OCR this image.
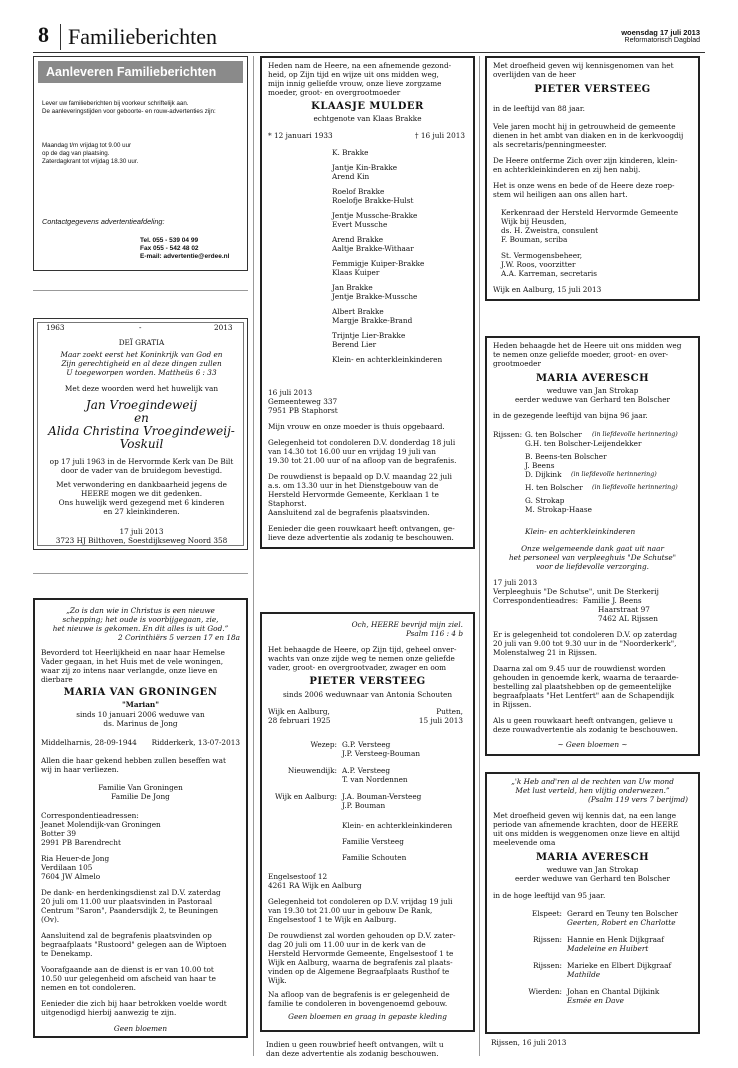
8 Familieberichten	woensdag 17 juli 2013
Reformatorisch Dagblad
Aanleveren Familieberichten
Lever uw familieberichten bij voorkeur schriftelijk aan.
De aanleveringstijden voor geboorte- en rouw-advertenties zijn:
Maandag t/m vrijdag tot 9.00 uur
op de dag van plaatsing.
Zaterdagkrant tot vrijdag 18.30 uur.
Contactgegevens advertentieafdeling:
Tel. 055 - 539 04 99
Fax 055 - 542 48 02
E-mail: advertentie@erdee.nl
1963	-	2013
DEÏ GRATIA
Maar zoekt eerst het Koninkrijk van God en
Zijn gerechtigheid en al deze dingen zullen
U toegeworpen worden. Mattheüs 6 : 33
Met deze woorden werd het huwelijk van
Jan Vroegindeweij
en
Alida Christina Vroegindeweij-
Voskuil
op 17 juli 1963 in de Hervormde Kerk van De Bilt
door de vader van de bruidegom bevestigd.
Met verwondering en dankbaarheid jegens de
HEERE mogen we dit gedenken.
Ons huwelijk werd gezegend met 6 kinderen
en 27 kleinkinderen.
17 juli 2013
3723 HJ Bilthoven, Soestdijkseweg Noord 358
„Zo is dan wie in Christus is een nieuwe
schepping; het oude is voorbijgegaan, zie,
het nieuwe is gekomen. En dit alles is uit God.”
2 Corinthiërs 5 verzen 17 en 18a
Bevorderd tot Heerlijkheid en naar haar Hemelse
Vader gegaan, in het Huis met de vele woningen,
waar zij zo intens naar verlangde, onze lieve en
dierbare
MARIA VAN GRONINGEN
"Marian"
sinds 10 januari 2006 weduwe van
ds. Marinus de Jong
Middelharnis, 28-09-1944 Ridderkerk, 13-07-2013
Allen die haar gekend hebben zullen beseffen wat
wij in haar verliezen.
Familie Van Groningen
Familie De Jong
Correspondentieadressen:
Jeanet Molendijk-van Groningen
Botter 39
2991 PB Barendrecht
Ria Heuer-de Jong
Verdilaan 105
7604 JW Almelo
De dank- en herdenkingsdienst zal D.V. zaterdag
20 juli om 11.00 uur plaatsvinden in Pastoraal
Centrum "Saron", Paandersdijk 2, te Beuningen
(Ov).
Aansluitend zal de begrafenis plaatsvinden op
begraafplaats "Rustoord" gelegen aan de Wiptoen
te Denekamp.
Voorafgaande aan de dienst is er van 10.00 tot
10.50 uur gelegenheid om afscheid van haar te
nemen en tot condoleren.
Eenieder die zich bij haar betrokken voelde wordt
uitgenodigd hierbij aanwezig te zijn.
Geen bloemen
Heden nam de Heere, na een afnemende gezond-
heid, op Zijn tijd en wijze uit ons midden weg,
mijn innig geliefde vrouw, onze lieve zorgzame
moeder, groot- en overgrootmoeder
KLAASJE MULDER
echtgenote van Klaas Brakke
* 12 januari 1933	† 16 juli 2013
K. Brakke
Jantje Kin-Brakke
Arend Kin
Roelof Brakke
Roelofje Brakke-Hulst
Jentje Mussche-Brakke
Evert Mussche
Arend Brakke
Aaltje Brakke-Withaar
Femmigje Kuiper-Brakke
Klaas Kuiper
Jan Brakke
Jentje Brakke-Mussche
Albert Brakke
Margje Brakke-Brand
Trijntje Lier-Brakke
Berend Lier
Klein- en achterkleinkinderen
16 juli 2013
Gemeenteweg 337
7951 PB Staphorst
Mijn vrouw en onze moeder is thuis opgebaard.
Gelegenheid tot condoleren D.V. donderdag 18 juli
van 14.30 tot 16.00 uur en vrijdag 19 juli van
19.30 tot 21.00 uur of na afloop van de begrafenis.
De rouwdienst is bepaald op D.V. maandag 22 juli
a.s. om 13.30 uur in het Dienstgebouw van de
Hersteld Hervormde Gemeente, Kerklaan 1 te
Staphorst.
Aansluitend zal de begrafenis plaatsvinden.
Eenieder die geen rouwkaart heeft ontvangen, ge-
lieve deze advertentie als zodanig te beschouwen.
Och, HEERE bevrijd mijn ziel.
Psalm 116 : 4 b
Het behaagde de Heere, op Zijn tijd, geheel onver-
wachts van onze zijde weg te nemen onze geliefde
vader, groot- en overgrootvader, zwager en oom
PIETER VERSTEEG
sinds 2006 weduwnaar van Antonia Schouten
Wijk en Aalburg,
28 februari 1925
Putten,
15 juli 2013
Wezep: G.P. Versteeg
J.P. Versteeg-Bouman
Nieuwendijk: A.P. Versteeg
T. van Nordennen
Wijk en Aalburg: J.A. Bouman-Versteeg
J.P. Bouman
Klein- en achterkleinkinderen
Familie Versteeg
Familie Schouten
Engelsestoof 12
4261 RA Wijk en Aalburg
Gelegenheid tot condoleren op D.V. vrijdag 19 juli
van 19.30 tot 21.00 uur in gebouw De Rank,
Engelsestoof 1 te Wijk en Aalburg.
De rouwdienst zal worden gehouden op D.V. zater-
dag 20 juli om 11.00 uur in de kerk van de
Hersteld Hervormde Gemeente, Engelsestoof 1 te
Wijk en Aalburg, waarna de begrafenis zal plaats-
vinden op de Algemene Begraafplaats Rusthof te
Wijk.
Na afloop van de begrafenis is er gelegenheid de
familie te condoleren in bovengenoemd gebouw.
Geen bloemen en graag in gepaste kleding
Indien u geen rouwbrief heeft ontvangen, wilt u
dan deze advertentie als zodanig beschouwen.
Met droefheid geven wij kennisgenomen van het
overlijden van de heer
PIETER VERSTEEG
in de leeftijd van 88 jaar.
Vele jaren mocht hij in getrouwheid de gemeente
dienen in het ambt van diaken en in de kerkvoogdij
als secretaris/penningmeester.
De Heere ontferme Zich over zijn kinderen, klein-
en achterkleinkinderen en zij hen nabij.
Het is onze wens en bede of de Heere deze roep-
stem wil heiligen aan ons allen hart.
Kerkenraad der Hersteld Hervormde Gemeente
Wijk bij Heusden,
ds. H. Zweistra, consulent
F. Bouman, scriba
St. Vermogensbeheer,
J.W. Roos, voorzitter
A.A. Karreman, secretaris
Wijk en Aalburg, 15 juli 2013
Heden behaagde het de Heere uit ons midden weg
te nemen onze geliefde moeder, groot- en over-
grootmoeder
MARIA AVERESCH
weduwe van Jan Strokap
eerder weduwe van Gerhard ten Bolscher
in de gezegende leeftijd van bijna 96 jaar.
Rijssen: G. ten Bolscher (in liefdevolle herinnering)
G.H. ten Bolscher-Leijendekker
B. Beens-ten Bolscher
J. Beens
D. Dijkink (in liefdevolle herinnering)
H. ten Bolscher (in liefdevolle herinnering)
G. Strokap
M. Strokap-Haase
Klein- en achterkleinkinderen
Onze welgemeende dank gaat uit naar
het personeel van verpleeghuis "De Schutse"
voor de liefdevolle verzorging.
17 juli 2013
Verpleeghuis "De Schutse", unit De Sterkerij
Correspondentieadres:  Familie J. Beens
Haarstraat 97
7462 AL Rijssen
Er is gelegenheid tot condoleren D.V. op zaterdag
20 juli van 9.00 tot 9.30 uur in de "Noorderkerk",
Molenstalweg 21 in Rijssen.
Daarna zal om 9.45 uur de rouwdienst worden
gehouden in genoemde kerk, waarna de teraarde-
bestelling zal plaatshebben op de gemeentelijke
begraafplaats "Het Lentfert" aan de Schapendijk
in Rijssen.
Als u geen rouwkaart heeft ontvangen, gelieve u
deze rouwadvertentie als zodanig te beschouwen.
~ Geen bloemen ~
„'k Heb and'ren al de rechten van Uw mond
Met lust verteld, hen vlijtig onderwezen.”
(Psalm 119 vers 7 berijmd)
Met droefheid geven wij kennis dat, na een lange
periode van afnemende krachten, door de HEERE
uit ons midden is weggenomen onze lieve en altijd
meelevende oma
MARIA AVERESCH
weduwe van Jan Strokap
eerder weduwe van Gerhard ten Bolscher
in de hoge leeftijd van 95 jaar.
Elspeet: Gerard en Teuny ten Bolscher
Geerten, Robert en Charlotte
Rijssen: Hannie en Henk Dijkgraaf
Madeleine en Huibert
Rijssen: Marieke en Elbert Dijkgraaf
Mathilde
Wierden: Johan en Chantal Dijkink
Esmée en Dave
Rijssen, 16 juli 2013
